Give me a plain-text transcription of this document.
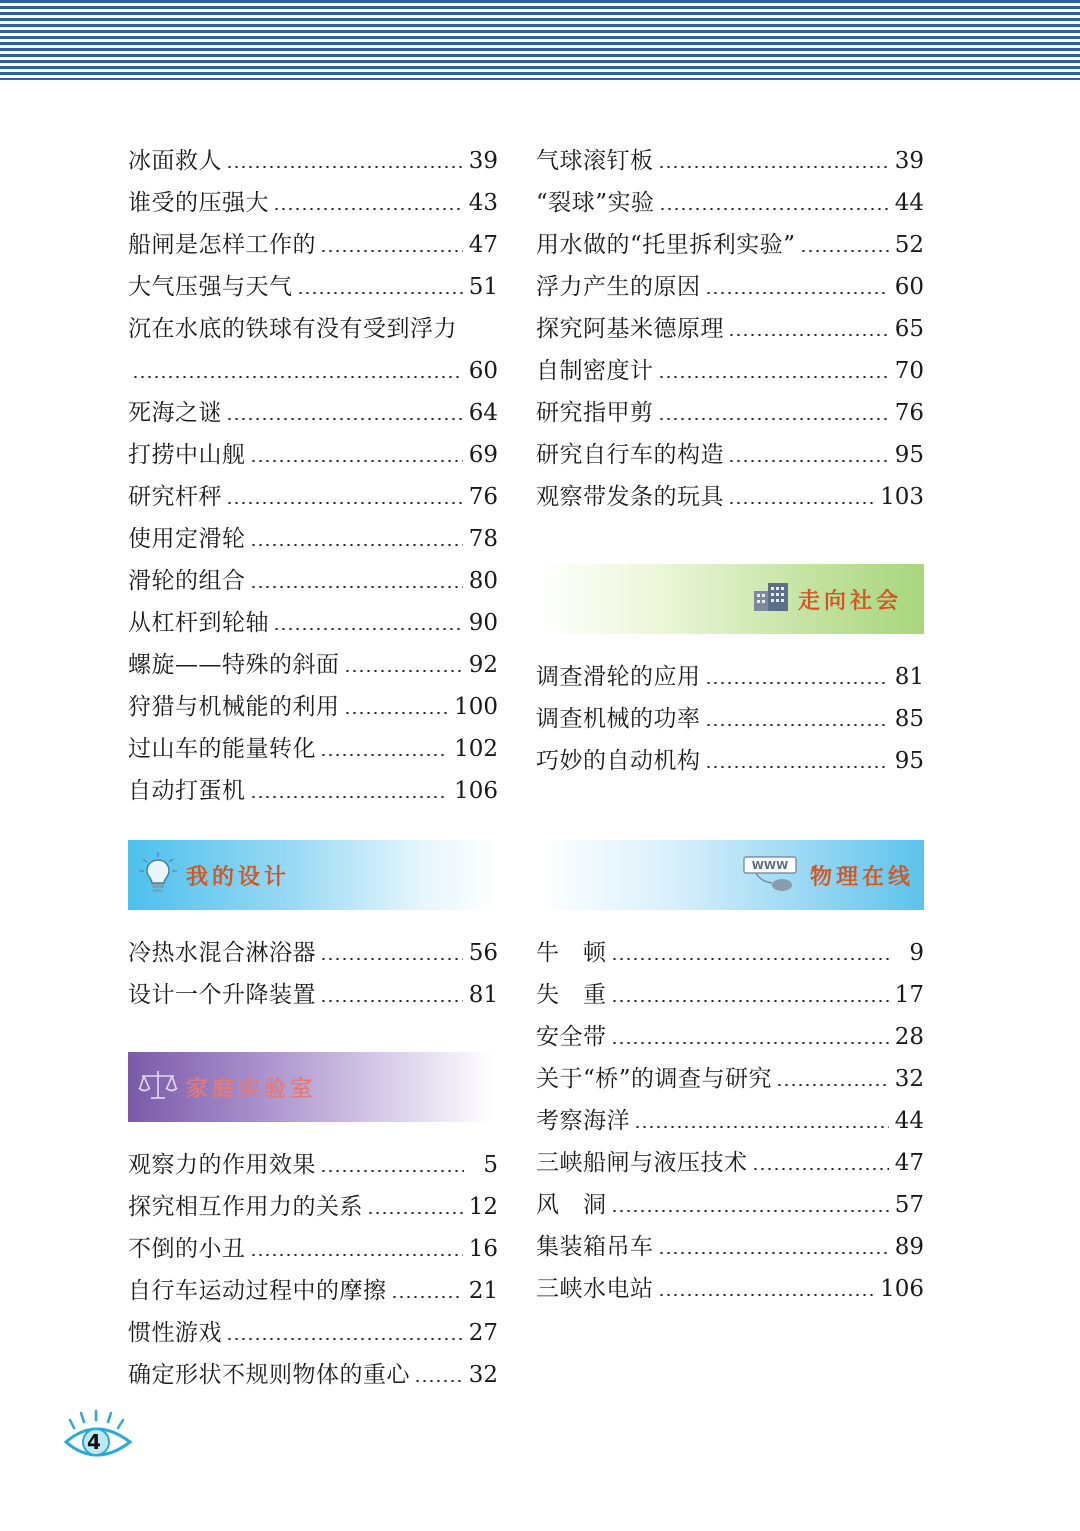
冰面救人	39
谁受的压强大	43
船闸是怎样工作的	47
大气压强与天气	51
沉在水底的铁球有没有受到浮力
60
死海之谜	64
打捞中山舰	69
研究杆秤	76
使用定滑轮	78
滑轮的组合	80
从杠杆到轮轴	90
螺旋——特殊的斜面	92
狩猎与机械能的利用	100
过山车的能量转化	102
自动打蛋机	106
气球滚钉板	39
“裂球”实验	44
用水做的“托里拆利实验”	52
浮力产生的原因	60
探究阿基米德原理	65
自制密度计	70
研究指甲剪	76
研究自行车的构造	95
观察带发条的玩具	103
走向社会
调查滑轮的应用	81
调查机械的功率	85
巧妙的自动机构	95
我的设计
冷热水混合淋浴器	56
设计一个升降装置	81
WWW 物理在线
牛　顿	9
失　重	17
安全带	28
关于“桥”的调查与研究	32
考察海洋	44
三峡船闸与液压技术	47
风　洞	57
集装箱吊车	89
三峡水电站	106
家庭实验室
观察力的作用效果	5
探究相互作用力的关系	12
不倒的小丑	16
自行车运动过程中的摩擦	21
惯性游戏	27
确定形状不规则物体的重心	32
4
